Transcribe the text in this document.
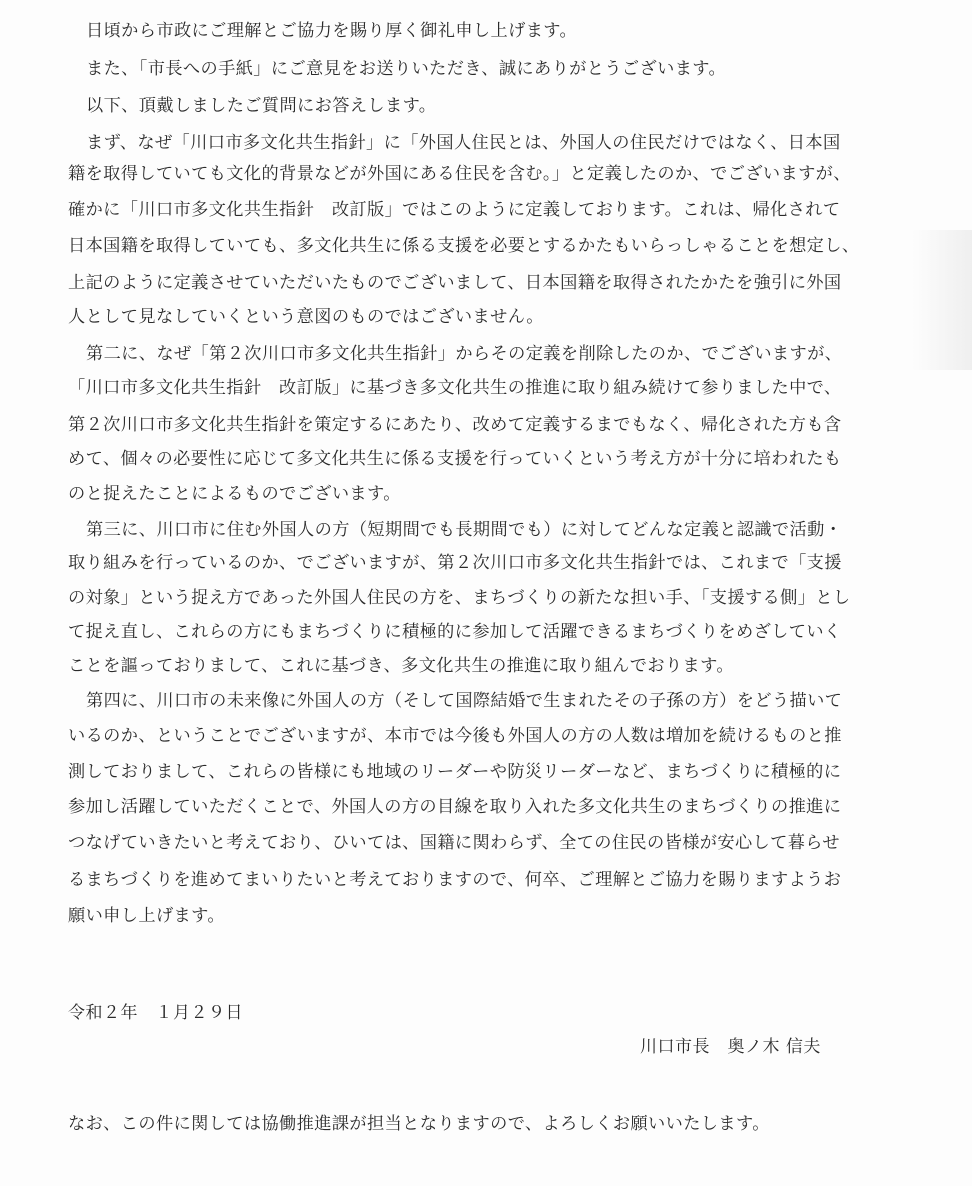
日頃から市政にご理解とご協力を賜り厚く御礼申し上げます。
また、「市長への手紙」にご意見をお送りいただき、誠にありがとうございます。
以下、頂戴しましたご質問にお答えします。
まず、なぜ「川口市多文化共生指針」に「外国人住民とは、外国人の住民だけではなく、日本国
籍を取得していても文化的背景などが外国にある住民を含む。」と定義したのか、でございますが、
確かに「川口市多文化共生指針　改訂版」ではこのように定義しております。これは、帰化されて
日本国籍を取得していても、多文化共生に係る支援を必要とするかたもいらっしゃることを想定し、
上記のように定義させていただいたものでございまして、日本国籍を取得されたかたを強引に外国
人として見なしていくという意図のものではございません。
第二に、なぜ「第２次川口市多文化共生指針」からその定義を削除したのか、でございますが、
「川口市多文化共生指針　改訂版」に基づき多文化共生の推進に取り組み続けて参りました中で、
第２次川口市多文化共生指針を策定するにあたり、改めて定義するまでもなく、帰化された方も含
めて、個々の必要性に応じて多文化共生に係る支援を行っていくという考え方が十分に培われたも
のと捉えたことによるものでございます。
第三に、川口市に住む外国人の方（短期間でも長期間でも）に対してどんな定義と認識で活動・
取り組みを行っているのか、でございますが、第２次川口市多文化共生指針では、これまで「支援
の対象」という捉え方であった外国人住民の方を、まちづくりの新たな担い手、「支援する側」とし
て捉え直し、これらの方にもまちづくりに積極的に参加して活躍できるまちづくりをめざしていく
ことを謳っておりまして、これに基づき、多文化共生の推進に取り組んでおります。
第四に、川口市の未来像に外国人の方（そして国際結婚で生まれたその子孫の方）をどう描いて
いるのか、ということでございますが、本市では今後も外国人の方の人数は増加を続けるものと推
測しておりまして、これらの皆様にも地域のリーダーや防災リーダーなど、まちづくりに積極的に
参加し活躍していただくことで、外国人の方の目線を取り入れた多文化共生のまちづくりの推進に
つなげていきたいと考えており、ひいては、国籍に関わらず、全ての住民の皆様が安心して暮らせ
るまちづくりを進めてまいりたいと考えておりますので、何卒、ご理解とご協力を賜りますようお
願い申し上げます。
令和２年　１月２９日
川口市長　奥ノ木 信夫
なお、この件に関しては協働推進課が担当となりますので、よろしくお願いいたします。
